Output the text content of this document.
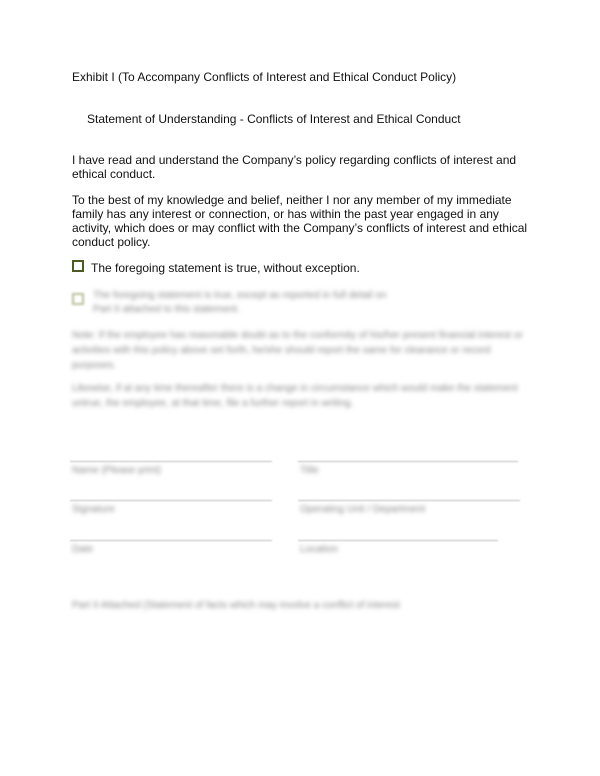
Exhibit I (To Accompany Conflicts of Interest and Ethical Conduct Policy)
Statement of Understanding - Conflicts of Interest and Ethical Conduct
I have read and understand the Company’s policy regarding conflicts of interest and ethical conduct.
To the best of my knowledge and belief, neither I nor any member of my immediate family has any interest or connection, or has within the past year engaged in any activity, which does or may conflict with the Company’s conflicts of interest and ethical conduct policy.
The foregoing statement is true, without exception.
The foregoing statement is true, except as reported in full detail on
Part II attached to this statement.
Note: If the employee has reasonable doubt as to the conformity of his/her present financial interest or activities with this policy above set forth, he/she should report the same for clearance or record purposes.
Likewise, if at any time thereafter there is a change in circumstance which would make the statement untrue, the employee, at that time, file a further report in writing.
Name (Please print)	Title
Signature	Operating Unit / Department
Date	Location
Part II Attached (Statement of facts which may involve a conflict of interest
